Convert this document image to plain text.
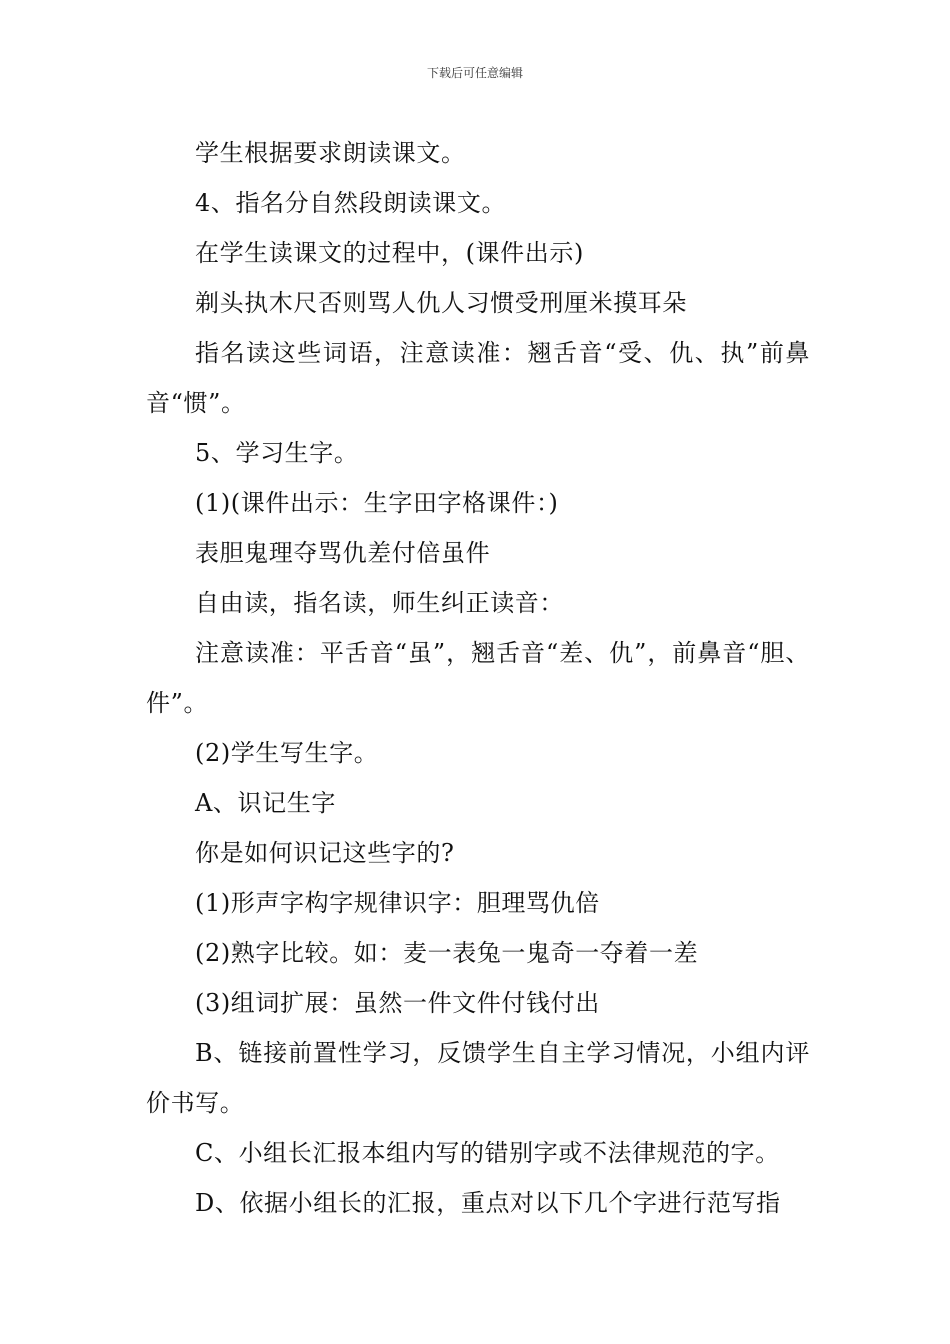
下载后可任意编辑

学生根据要求朗读课文。

4、指名分自然段朗读课文。

在学生读课文的过程中，(课件出示)

剃头执木尺否则骂人仇人习惯受刑厘米摸耳朵

指名读这些词语，注意读准：翘舌音“受、仇、执”前鼻音“惯”。

5、学习生字。

(1)(课件出示：生字田字格课件：)

表胆鬼理夺骂仇差付倍虽件

自由读，指名读，师生纠正读音：

注意读准：平舌音“虽”，翘舌音“差、仇”，前鼻音“胆、件”。

(2)学生写生字。

A、识记生字

你是如何识记这些字的?

(1)形声字构字规律识字：胆理骂仇倍

(2)熟字比较。如：麦一表兔一鬼奇一夺着一差

(3)组词扩展：虽然一件文件付钱付出

B、链接前置性学习，反馈学生自主学习情况，小组内评价书写。

C、小组长汇报本组内写的错别字或不法律规范的字。

D、依据小组长的汇报，重点对以下几个字进行范写指
